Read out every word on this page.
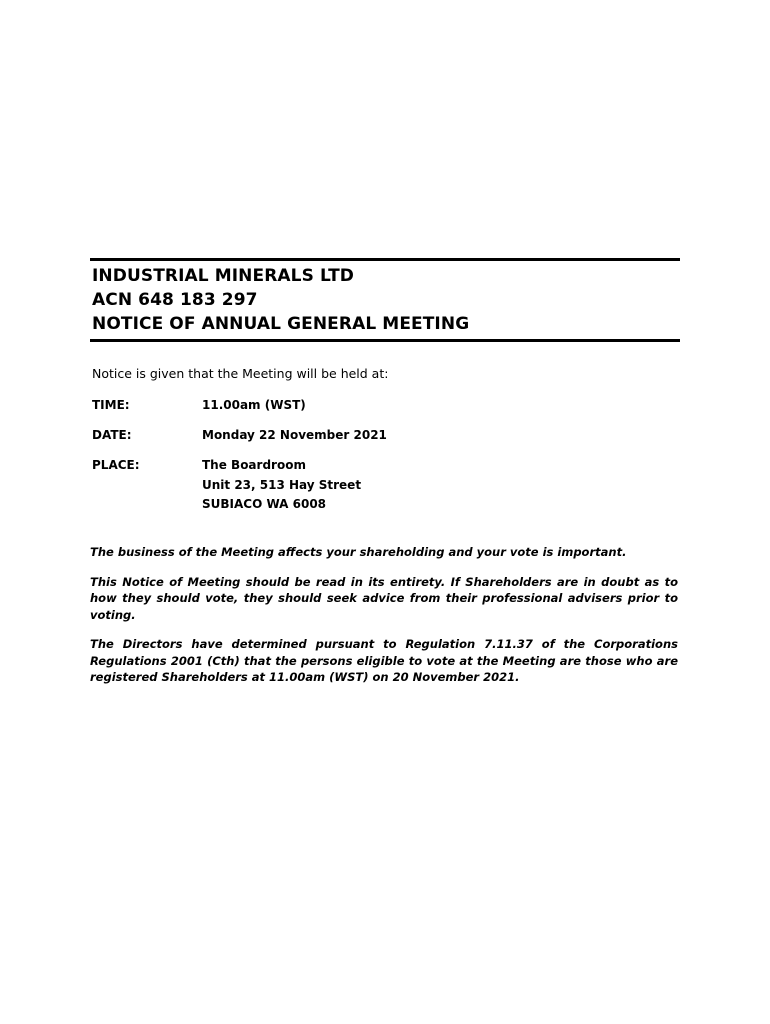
INDUSTRIAL MINERALS LTD
ACN 648 183 297
NOTICE OF ANNUAL GENERAL MEETING
Notice is given that the Meeting will be held at:
TIME:	11.00am (WST)
DATE:	Monday 22 November 2021
PLACE:	The Boardroom
Unit 23, 513 Hay Street
SUBIACO WA 6008

The business of the Meeting affects your shareholding and your vote is important.

This Notice of Meeting should be read in its entirety. If Shareholders are in doubt as to how they should vote, they should seek advice from their professional advisers prior to voting.

The Directors have determined pursuant to Regulation 7.11.37 of the Corporations Regulations 2001 (Cth) that the persons eligible to vote at the Meeting are those who are registered Shareholders at 11.00am (WST) on 20 November 2021.
